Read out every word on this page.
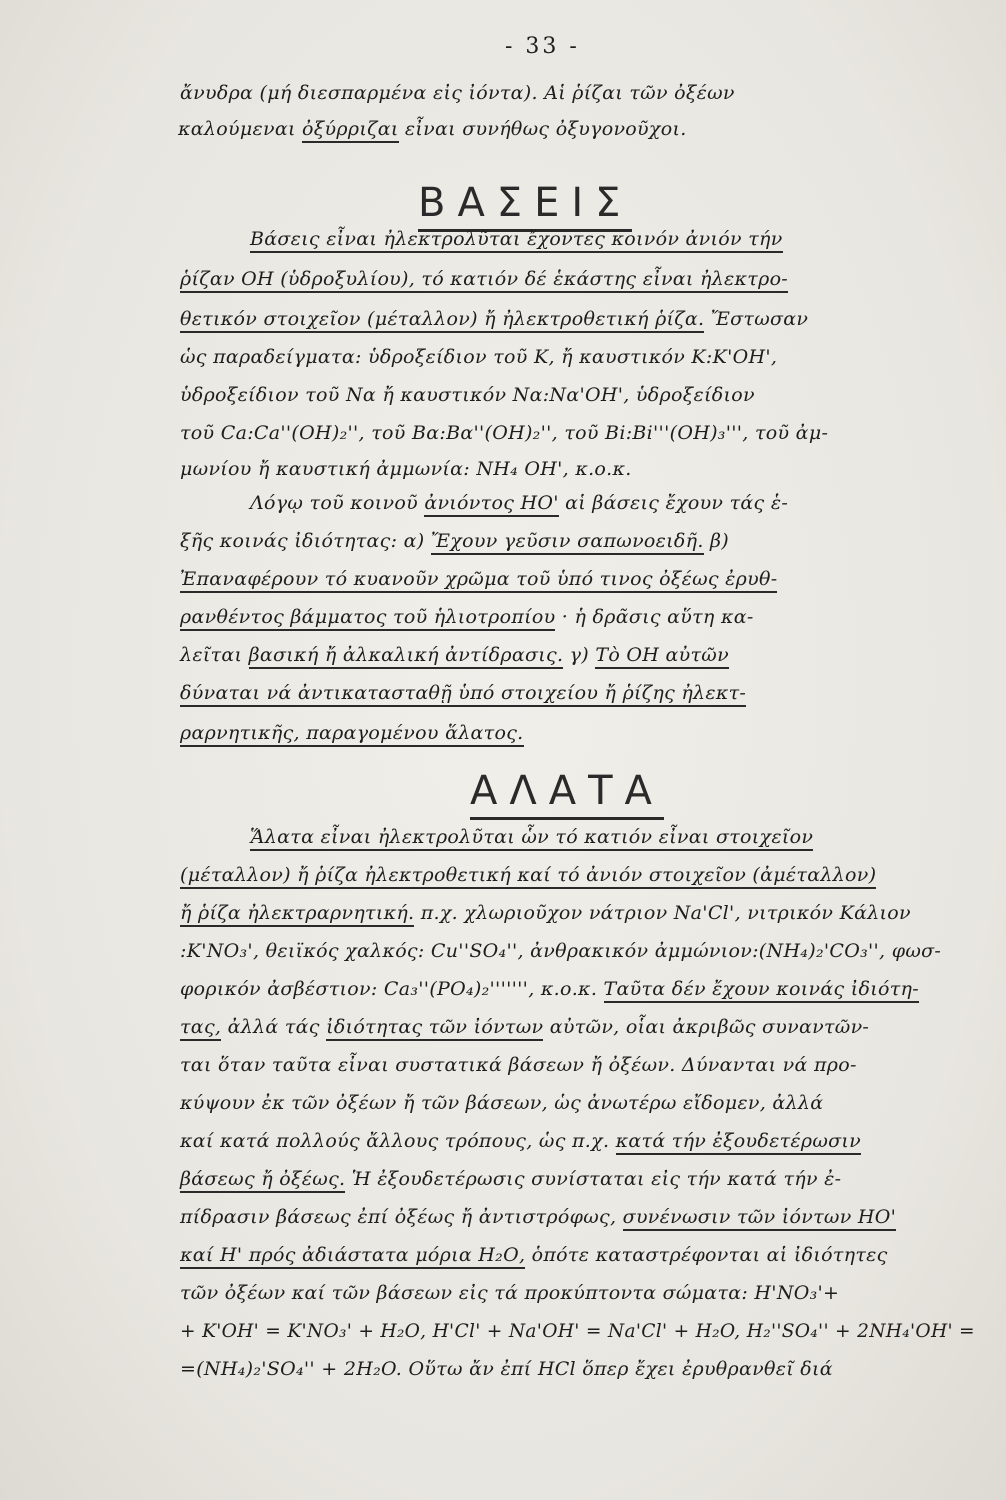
- 33 -
ἄνυδρα (μή διεσπαρμένα εἰς ἰόντα). Αἱ ῥίζαι τῶν ὀξέων
καλούμεναι ὀξύρριζαι εἶναι συνήθως ὀξυγονοῦχοι.
ΒΑΣΕΙΣ
Βάσεις εἶναι ἠλεκτρολῦται ἔχοντες κοινόν ἀνιόν τήν
ῥίζαν ΟΗ (ὑδροξυλίου), τό κατιόν δέ ἑκάστης εἶναι ἠλεκτρο-
θετικόν στοιχεῖον (μέταλλον) ἤ ἠλεκτροθετική ῥίζα. Ἔστωσαν
ὡς παραδείγματα: ὑδροξείδιον τοῦ Κ, ἤ καυστικόν Κ:Κ'ΟΗ',
ὑδροξείδιον τοῦ Να ἤ καυστικόν Να:Να'ΟΗ', ὑδροξείδιον
τοῦ Ca:Ca''(OH)₂'', τοῦ Βα:Βα''(ΟΗ)₂'', τοῦ Bi:Bi'''(OH)₃''', τοῦ ἀμ-
μωνίου ἤ καυστική ἀμμωνία: NH₄ OH', κ.ο.κ.
Λόγῳ τοῦ κοινοῦ ἀνιόντος ΗΟ' αἱ βάσεις ἔχουν τάς ἑ-
ξῆς κοινάς ἰδιότητας: α) Ἔχουν γεῦσιν σαπωνοειδῆ. β)
Ἐπαναφέρουν τό κυανοῦν χρῶμα τοῦ ὑπό τινος ὀξέως ἐρυθ-
ρανθέντος βάμματος τοῦ ἡλιοτροπίου · ἡ δρᾶσις αὕτη κα-
λεῖται βασική ἤ ἀλκαλική ἀντίδρασις. γ) Τὸ ΟΗ αὐτῶν
δύναται νά ἀντικατασταθῇ ὑπό στοιχείου ἤ ῥίζης ἠλεκτ-
ραρνητικῆς, παραγομένου ἅλατος.
ΑΛΑΤΑ
Ἅλατα εἶναι ἠλεκτρολῦται ὧν τό κατιόν εἶναι στοιχεῖον
(μέταλλον) ἤ ῥίζα ἠλεκτροθετική καί τό ἀνιόν στοιχεῖον (ἀμέταλλον)
ἤ ῥίζα ἠλεκτραρνητική. π.χ. χλωριοῦχον νάτριον Na'Cl', νιτρικόν Κάλιον
:Κ'ΝΟ₃', θειϊκός χαλκός: Cu''SO₄'', ἀνθρακικόν ἀμμώνιον:(ΝΗ₄)₂'CO₃'', φωσ-
φορικόν ἀσβέστιον: Ca₃''(PO₄)₂''''''', κ.ο.κ. Ταῦτα δέν ἔχουν κοινάς ἰδιότη-
τας, ἀλλά τάς ἰδιότητας τῶν ἰόντων αὐτῶν, οἷαι ἀκριβῶς συναντῶν-
ται ὅταν ταῦτα εἶναι συστατικά βάσεων ἤ ὀξέων. Δύνανται νά προ-
κύψουν ἐκ τῶν ὀξέων ἤ τῶν βάσεων, ὡς ἀνωτέρω εἴδομεν, ἀλλά
καί κατά πολλούς ἄλλους τρόπους, ὡς π.χ. κατά τήν ἐξουδετέρωσιν
βάσεως ἤ ὀξέως. Ἡ ἐξουδετέρωσις συνίσταται εἰς τήν κατά τήν ἐ-
πίδρασιν βάσεως ἐπί ὀξέως ἤ ἀντιστρόφως, συνένωσιν τῶν ἰόντων ΗΟ'
καί Η' πρός ἀδιάστατα μόρια Η₂Ο, ὁπότε καταστρέφονται αἱ ἰδιότητες
τῶν ὀξέων καί τῶν βάσεων εἰς τά προκύπτοντα σώματα: H'NO₃'+
+ Κ'ΟΗ' = Κ'ΝΟ₃' + Η₂Ο, H'Cl' + Na'OH' = Na'Cl' + H₂O, H₂''SO₄'' + 2NH₄'OH' =
=(NH₄)₂'SO₄'' + 2H₂O. Οὕτω ἄν ἐπί HCl ὅπερ ἔχει ἐρυθρανθεῖ διά
